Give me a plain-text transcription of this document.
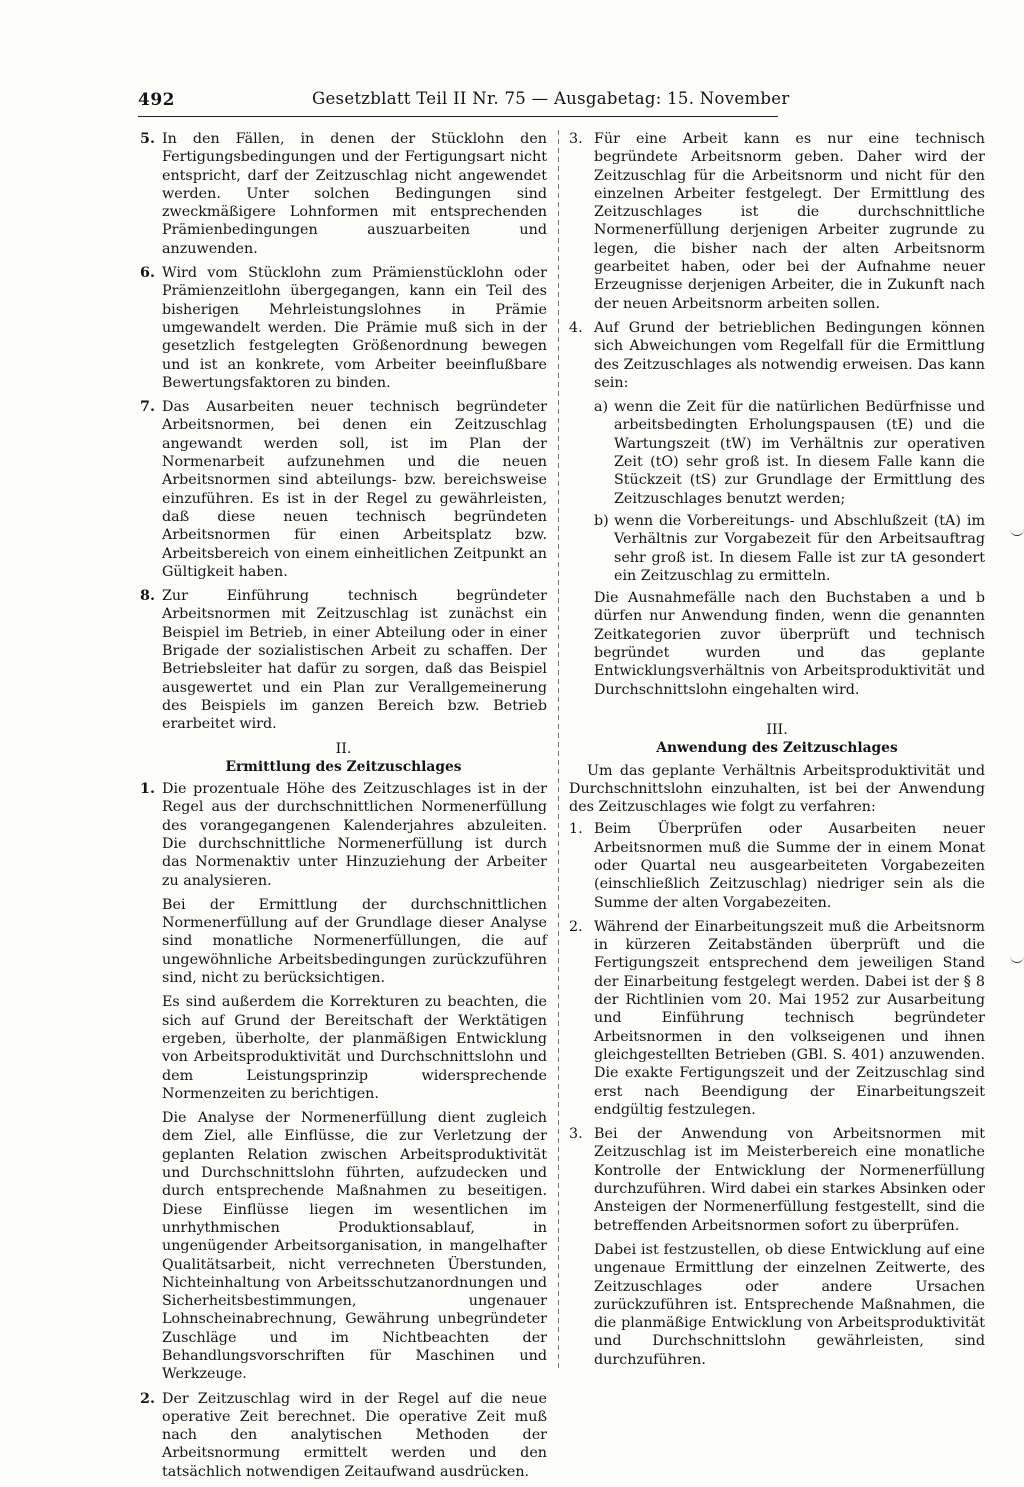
492	Gesetzblatt Teil II Nr. 75 — Ausgabetag: 15. November
5. In den Fällen, in denen der Stücklohn den Fertigungsbedingungen und der Fertigungsart nicht entspricht, darf der Zeitzuschlag nicht angewendet werden. Unter solchen Bedingungen sind zweckmäßigere Lohnformen mit entsprechenden Prämienbedingungen auszuarbeiten und anzuwenden.
6. Wird vom Stücklohn zum Prämienstücklohn oder Prämienzeitlohn übergegangen, kann ein Teil des bisherigen Mehrleistungslohnes in Prämie umgewandelt werden. Die Prämie muß sich in der gesetzlich festgelegten Größenordnung bewegen und ist an konkrete, vom Arbeiter beeinflußbare Bewertungsfaktoren zu binden.
7. Das Ausarbeiten neuer technisch begründeter Arbeitsnormen, bei denen ein Zeitzuschlag angewandt werden soll, ist im Plan der Normenarbeit aufzunehmen und die neuen Arbeitsnormen sind abteilungs- bzw. bereichsweise einzuführen. Es ist in der Regel zu gewährleisten, daß diese neuen technisch begründeten Arbeitsnormen für einen Arbeitsplatz bzw. Arbeitsbereich von einem einheitlichen Zeitpunkt an Gültigkeit haben.
8. Zur Einführung technisch begründeter Arbeitsnormen mit Zeitzuschlag ist zunächst ein Beispiel im Betrieb, in einer Abteilung oder in einer Brigade der sozialistischen Arbeit zu schaffen. Der Betriebsleiter hat dafür zu sorgen, daß das Beispiel ausgewertet und ein Plan zur Verallgemeinerung des Beispiels im ganzen Bereich bzw. Betrieb erarbeitet wird.
II.
Ermittlung des Zeitzuschlages
1. Die prozentuale Höhe des Zeitzuschlages ist in der Regel aus der durchschnittlichen Normenerfüllung des vorangegangenen Kalenderjahres abzuleiten. Die durchschnittliche Normenerfüllung ist durch das Normenaktiv unter Hinzuziehung der Arbeiter zu analysieren.

Bei der Ermittlung der durchschnittlichen Normenerfüllung auf der Grundlage dieser Analyse sind monatliche Normenerfüllungen, die auf ungewöhnliche Arbeitsbedingungen zurückzuführen sind, nicht zu berücksichtigen.

Es sind außerdem die Korrekturen zu beachten, die sich auf Grund der Bereitschaft der Werktätigen ergeben, überholte, der planmäßigen Entwicklung von Arbeitsproduktivität und Durchschnittslohn und dem Leistungsprinzip widersprechende Normenzeiten zu berichtigen.

Die Analyse der Normenerfüllung dient zugleich dem Ziel, alle Einflüsse, die zur Verletzung der geplanten Relation zwischen Arbeitsproduktivität und Durchschnittslohn führten, aufzudecken und durch entsprechende Maßnahmen zu beseitigen. Diese Einflüsse liegen im wesentlichen im unrhythmischen Produktionsablauf, in ungenügender Arbeitsorganisation, in mangelhafter Qualitätsarbeit, nicht verrechneten Überstunden, Nichteinhaltung von Arbeitsschutzanordnungen und Sicherheitsbestimmungen, ungenauer Lohnscheinabrechnung, Gewährung unbegründeter Zuschläge und im Nichtbeachten der Behandlungsvorschriften für Maschinen und Werkzeuge.

2. Der Zeitzuschlag wird in der Regel auf die neue operative Zeit berechnet. Die operative Zeit muß nach den analytischen Methoden der Arbeitsnormung ermittelt werden und den tatsächlich notwendigen Zeitaufwand ausdrücken.
3. Für eine Arbeit kann es nur eine technisch begründete Arbeitsnorm geben. Daher wird der Zeitzuschlag für die Arbeitsnorm und nicht für den einzelnen Arbeiter festgelegt. Der Ermittlung des Zeitzuschlages ist die durchschnittliche Normenerfüllung derjenigen Arbeiter zugrunde zu legen, die bisher nach der alten Arbeitsnorm gearbeitet haben, oder bei der Aufnahme neuer Erzeugnisse derjenigen Arbeiter, die in Zukunft nach der neuen Arbeitsnorm arbeiten sollen.
4. Auf Grund der betrieblichen Bedingungen können sich Abweichungen vom Regelfall für die Ermittlung des Zeitzuschlages als notwendig erweisen. Das kann sein:

a) wenn die Zeit für die natürlichen Bedürfnisse und arbeitsbedingten Erholungspausen (tE) und die Wartungszeit (tW) im Verhältnis zur operativen Zeit (tO) sehr groß ist. In diesem Falle kann die Stückzeit (tS) zur Grundlage der Ermittlung des Zeitzuschlages benutzt werden;
b) wenn die Vorbereitungs- und Abschlußzeit (tA) im Verhältnis zur Vorgabezeit für den Arbeitsauftrag sehr groß ist. In diesem Falle ist zur tA gesondert ein Zeitzuschlag zu ermitteln.

Die Ausnahmefälle nach den Buchstaben a und b dürfen nur Anwendung finden, wenn die genannten Zeitkategorien zuvor überprüft und technisch begründet wurden und das geplante Entwicklungsverhältnis von Arbeitsproduktivität und Durchschnittslohn eingehalten wird.

III.
Anwendung des Zeitzuschlages

Um das geplante Verhältnis Arbeitsproduktivität und Durchschnittslohn einzuhalten, ist bei der Anwendung des Zeitzuschlages wie folgt zu verfahren:

1. Beim Überprüfen oder Ausarbeiten neuer Arbeitsnormen muß die Summe der in einem Monat oder Quartal neu ausgearbeiteten Vorgabezeiten (einschließlich Zeitzuschlag) niedriger sein als die Summe der alten Vorgabezeiten.
2. Während der Einarbeitungszeit muß die Arbeitsnorm in kürzeren Zeitabständen überprüft und die Fertigungszeit entsprechend dem jeweiligen Stand der Einarbeitung festgelegt werden. Dabei ist der § 8 der Richtlinien vom 20. Mai 1952 zur Ausarbeitung und Einführung technisch begründeter Arbeitsnormen in den volkseigenen und ihnen gleichgestellten Betrieben (GBl. S. 401) anzuwenden. Die exakte Fertigungszeit und der Zeitzuschlag sind erst nach Beendigung der Einarbeitungszeit endgültig festzulegen.
3. Bei der Anwendung von Arbeitsnormen mit Zeitzuschlag ist im Meisterbereich eine monatliche Kontrolle der Entwicklung der Normenerfüllung durchzuführen. Wird dabei ein starkes Absinken oder Ansteigen der Normenerfüllung festgestellt, sind die betreffenden Arbeitsnormen sofort zu überprüfen.

Dabei ist festzustellen, ob diese Entwicklung auf eine ungenaue Ermittlung der einzelnen Zeitwerte, des Zeitzuschlages oder andere Ursachen zurückzuführen ist. Entsprechende Maßnahmen, die die planmäßige Entwicklung von Arbeitsproduktivität und Durchschnittslohn gewährleisten, sind durchzuführen.
